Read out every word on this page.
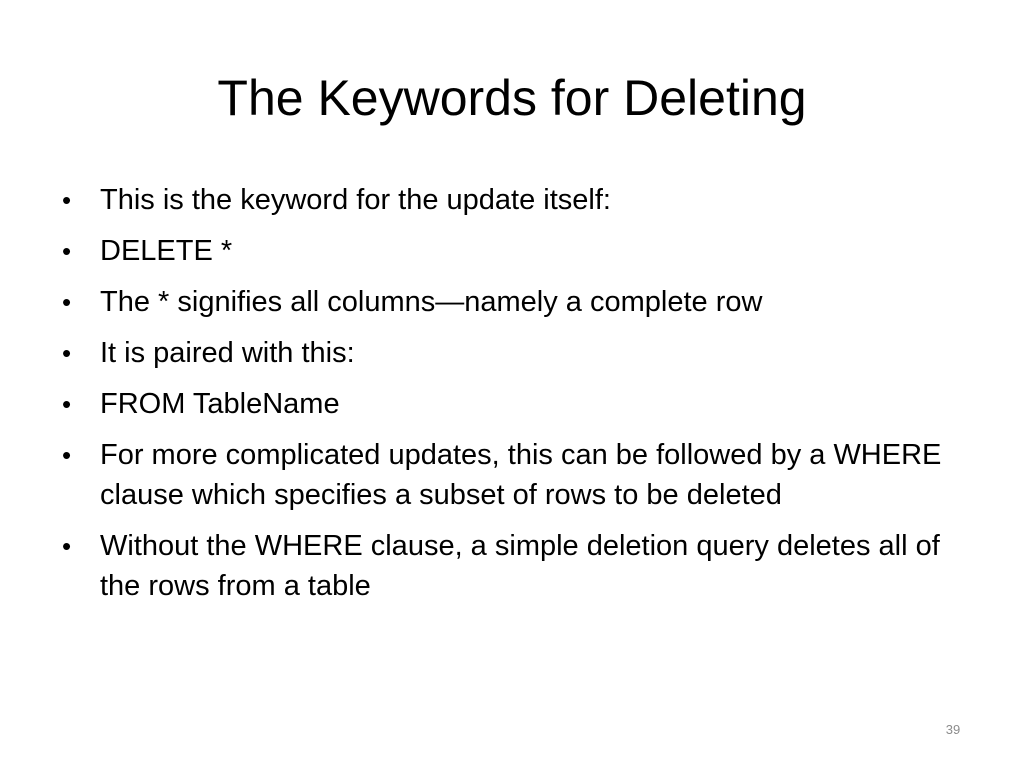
The Keywords for Deleting
• This is the keyword for the update itself:
• DELETE *
• The * signifies all columns—namely a complete row
• It is paired with this:
• FROM TableName
• For more complicated updates, this can be followed by a WHERE clause which specifies a subset of rows to be deleted
• Without the WHERE clause, a simple deletion query deletes all of the rows from a table
39
